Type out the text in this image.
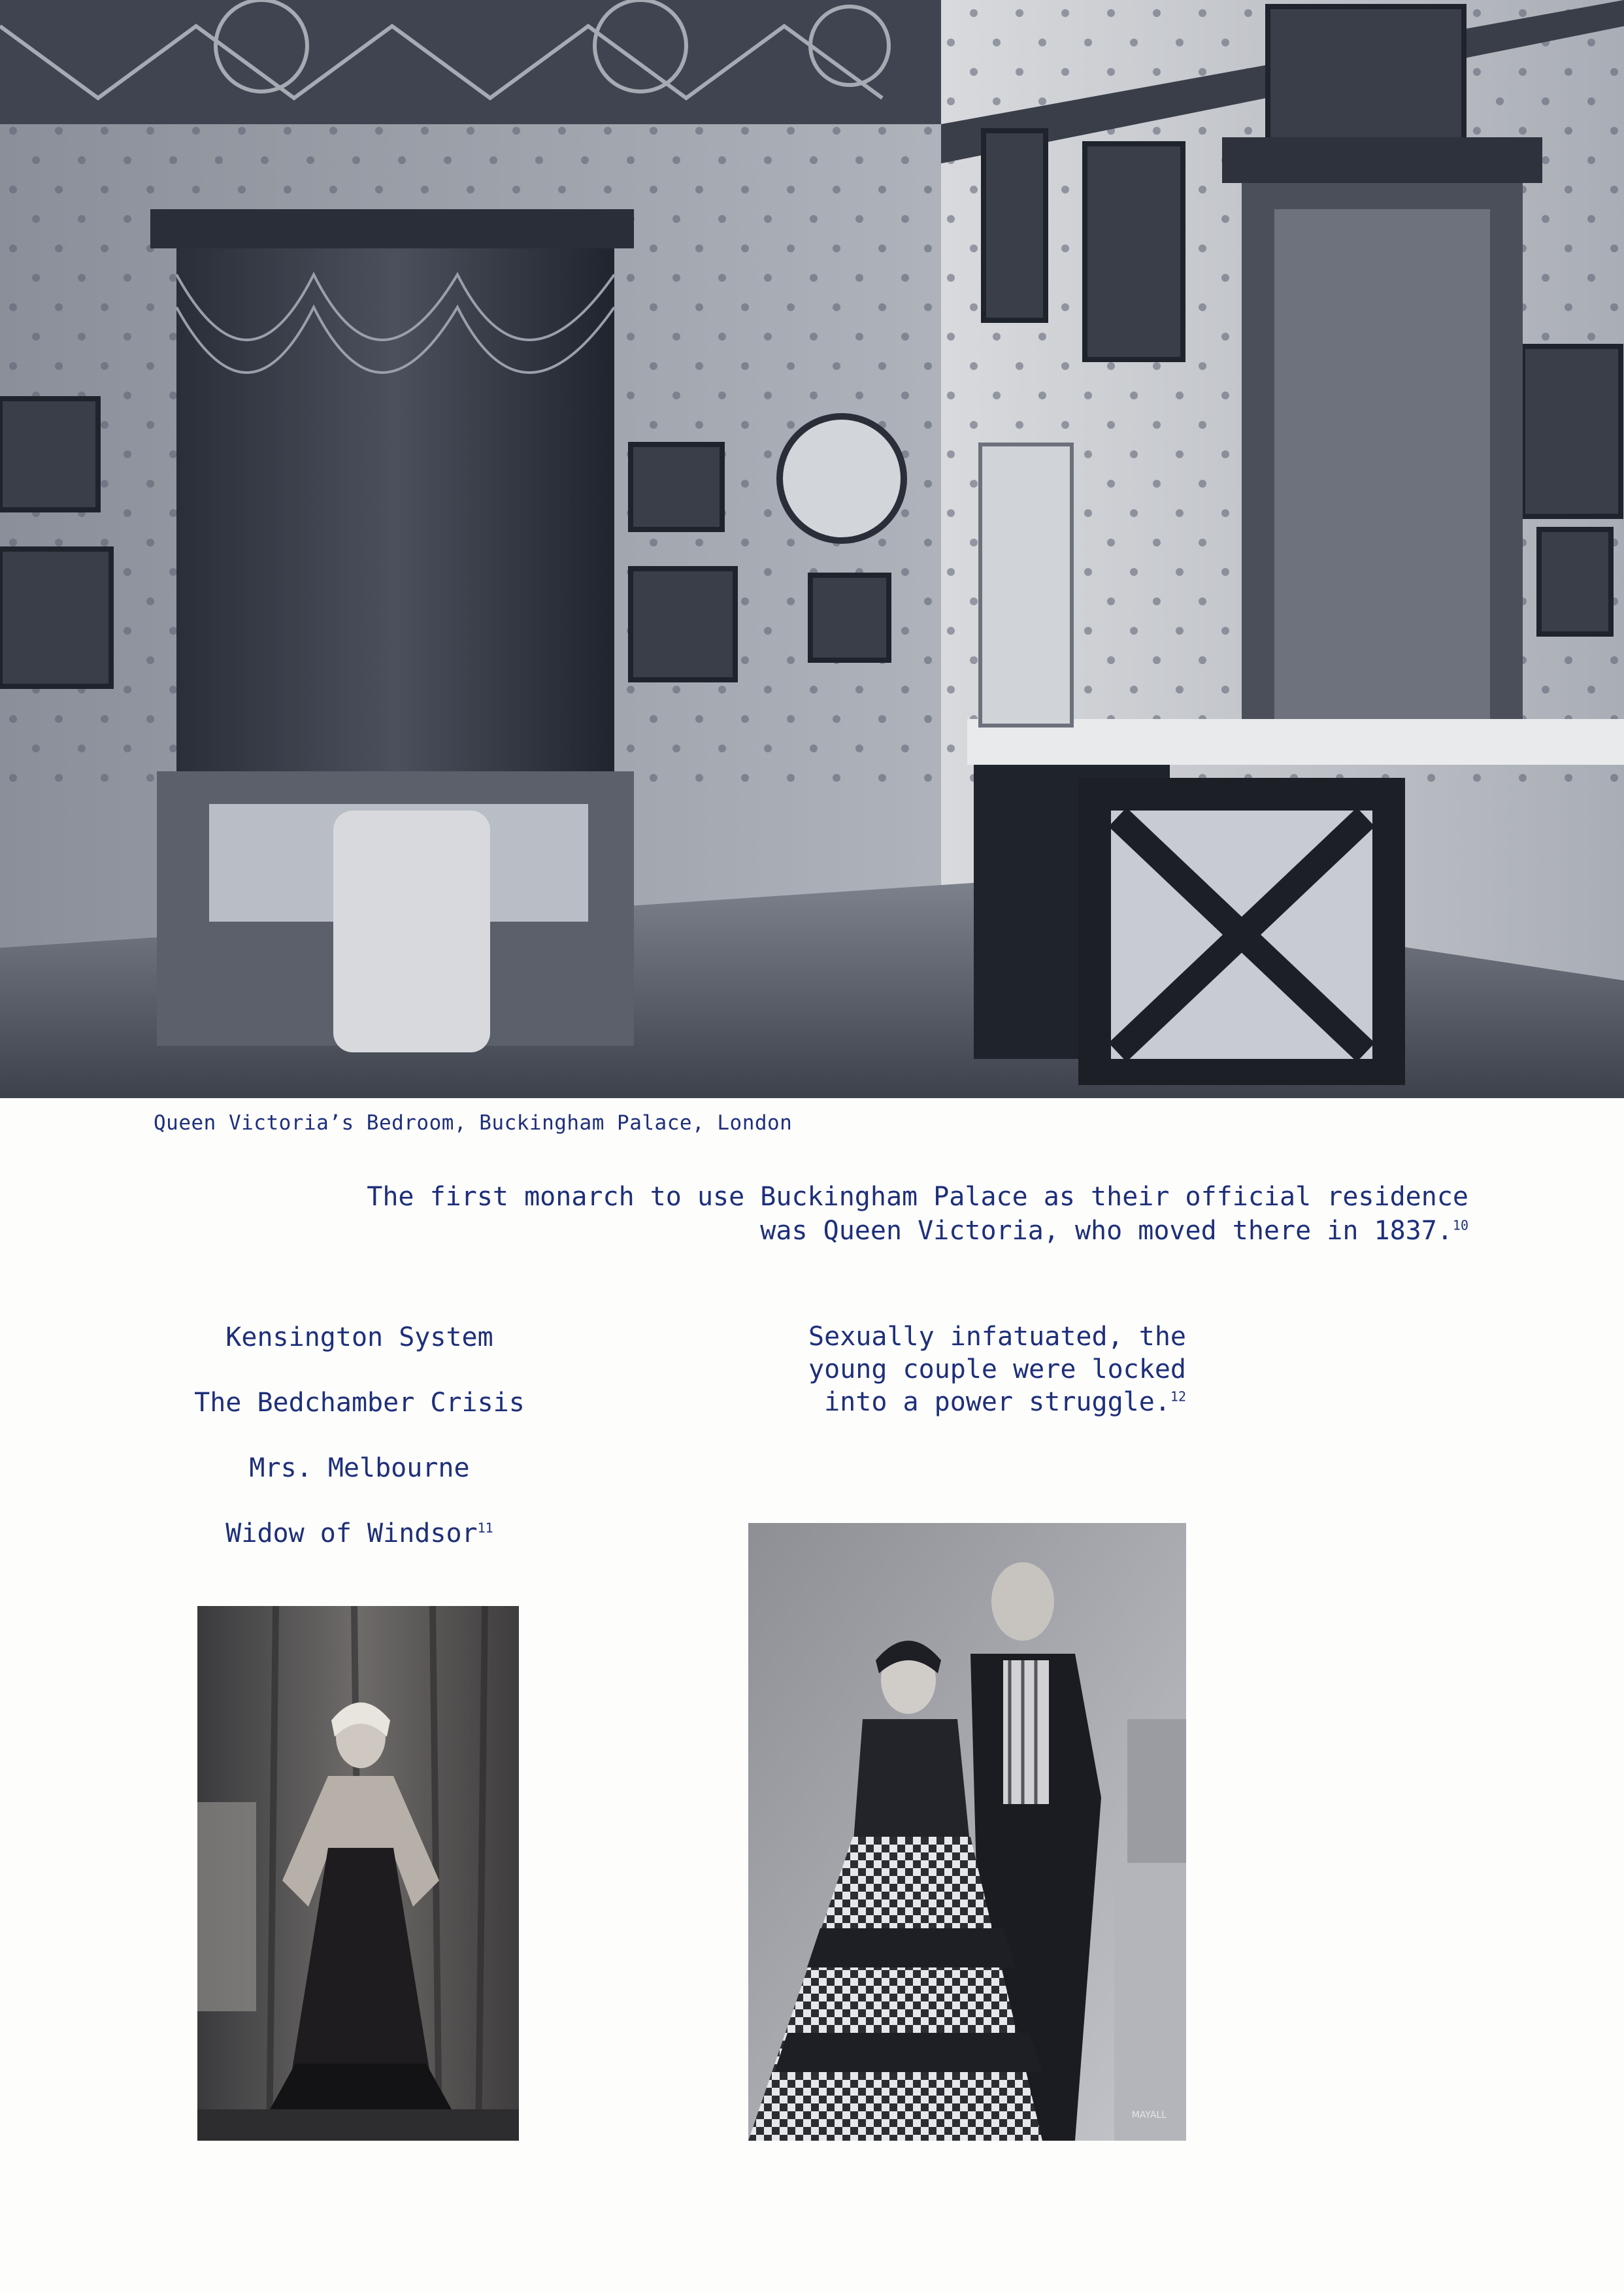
Queen Victoria’s Bedroom, Buckingham Palace, London
The first monarch to use Buckingham Palace as their official residence
was Queen Victoria, who moved there in 1837.10
Kensington System
The Bedchamber Crisis
Mrs. Melbourne
Widow of Windsor$^{11}$
Sexually infatuated, the
young couple were locked
into a power struggle.$^{12}$
MAYALL
